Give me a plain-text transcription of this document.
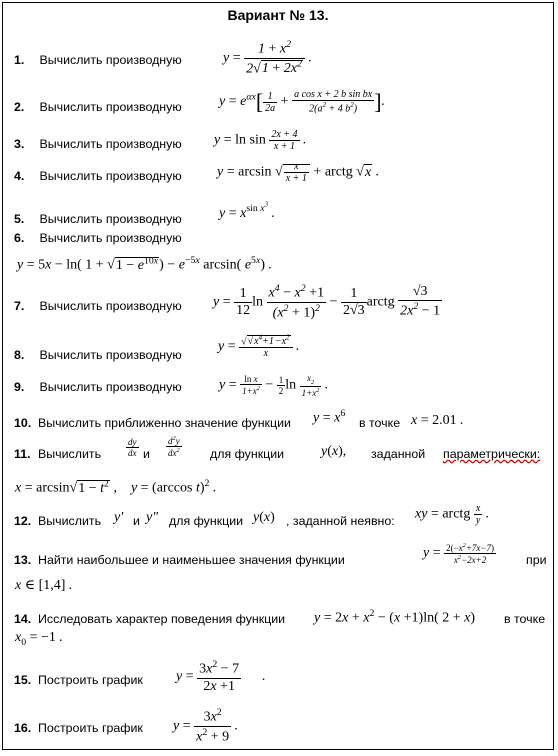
Вариант № 13.
1. Вычислить производную	$y = \frac{1 + x^2}{2√1 + 2x^2}$ .
2. Вычислить производную	$y = e^{\alpha x}[ \frac{1}{2a} + \frac{\text{a cos x + 2 b sin bx}}{2(a^2 + 4 b^2)}$ ].
3. Вычислить производную $y = \ln \sin \frac{2x + 4}{x + 1}$ .
4. Вычислить производную	y = arcsin √ $\frac{x}{x + 1}$ + arctg √x .
5. Вычислить производную	$y = x^{sin x^3}$ .
6. Вычислить производную
y = 5x − ln( $1 + √1 - e^{10x}) - e^{-5x}$ arcsin( $e^{5x}$) .
7. Вычислить производную $y = \frac{1}{12}$ $\ln \frac{x^4 - x^2 +1}{(x^2 + 1)^2} - \frac{1}{2√3}$ arctg $\frac{√3}{2x^2 - 1}$
8. Вычислить производную
$y = \frac{√√x^4+1-x^2}{x}$ .
9. Вычислить производную	$y = \frac{\text{ln x}}{1+x^2} - \frac{1}{2}$ $\ln \frac{x_2}{1+x^2}$ .
10. Вычислить приближенно значение функции $y = x^6$
в точке x = 2.01 .
11. Вычислить	$\frac{dy}{dx}$ и $\frac{d^2y}{dx^2}$ для функции	y(x), заданной параметрически:
$x = \arcsin√1 - t^2$ ,    y = (arccos t)$^2$ .
12. Вычислить y′ и y″ для функции y(x) , заданной неявно: xy = arctg $\frac{x}{y}$ .
13. Найти наибольшее и наименьшее значения функции	$y = \frac{2(-x^2+7x-7)}{x^2-2x+2}$ при
x ∈ [1,4] .
14. Исследовать характер поведения функции $y = 2x + x^2 - (x +1)\ln$( 2 + x) в точке
$x_0 = -1$ .
15. Построить график $y = \frac{3x^2 - 7}{2x +1}$ .
16. Построить график $y = \frac{3x^2}{x^2 + 9}$ .
